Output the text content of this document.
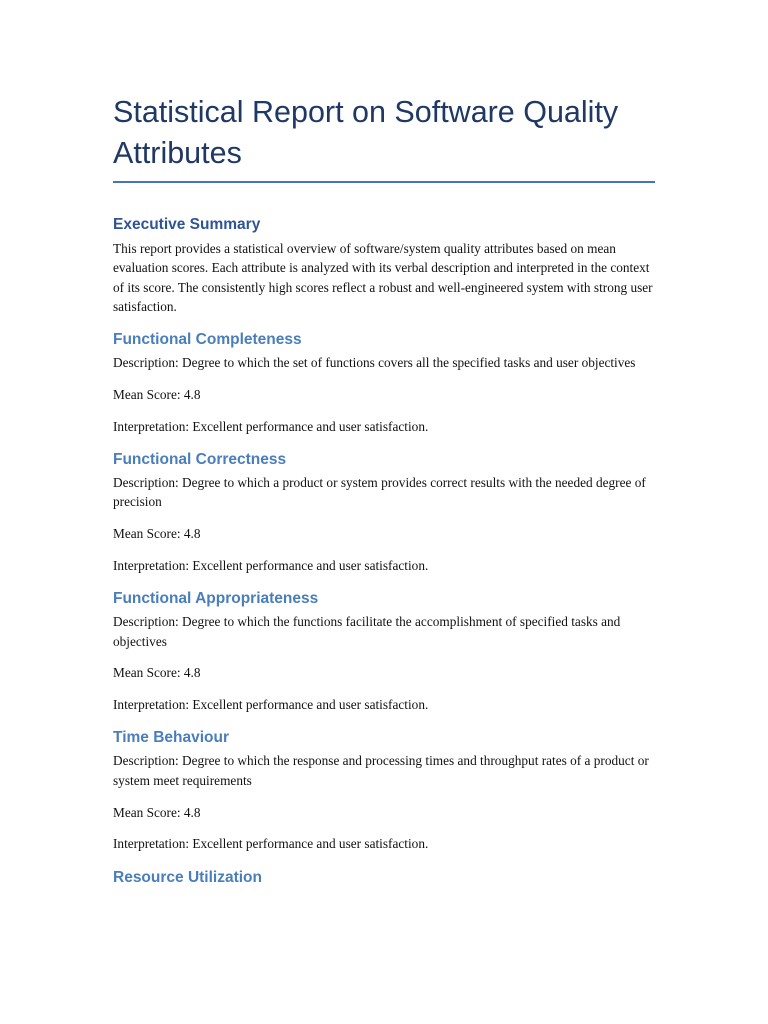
Statistical Report on Software Quality Attributes
Executive Summary

This report provides a statistical overview of software/system quality attributes based on mean evaluation scores. Each attribute is analyzed with its verbal description and interpreted in the context of its score. The consistently high scores reflect a robust and well-engineered system with strong user satisfaction.

Functional Completeness

Description: Degree to which the set of functions covers all the specified tasks and user objectives

Mean Score: 4.8

Interpretation: Excellent performance and user satisfaction.

Functional Correctness

Description: Degree to which a product or system provides correct results with the needed degree of precision

Mean Score: 4.8

Interpretation: Excellent performance and user satisfaction.

Functional Appropriateness

Description: Degree to which the functions facilitate the accomplishment of specified tasks and objectives

Mean Score: 4.8

Interpretation: Excellent performance and user satisfaction.

Time Behaviour

Description: Degree to which the response and processing times and throughput rates of a product or system meet requirements

Mean Score: 4.8

Interpretation: Excellent performance and user satisfaction.

Resource Utilization
